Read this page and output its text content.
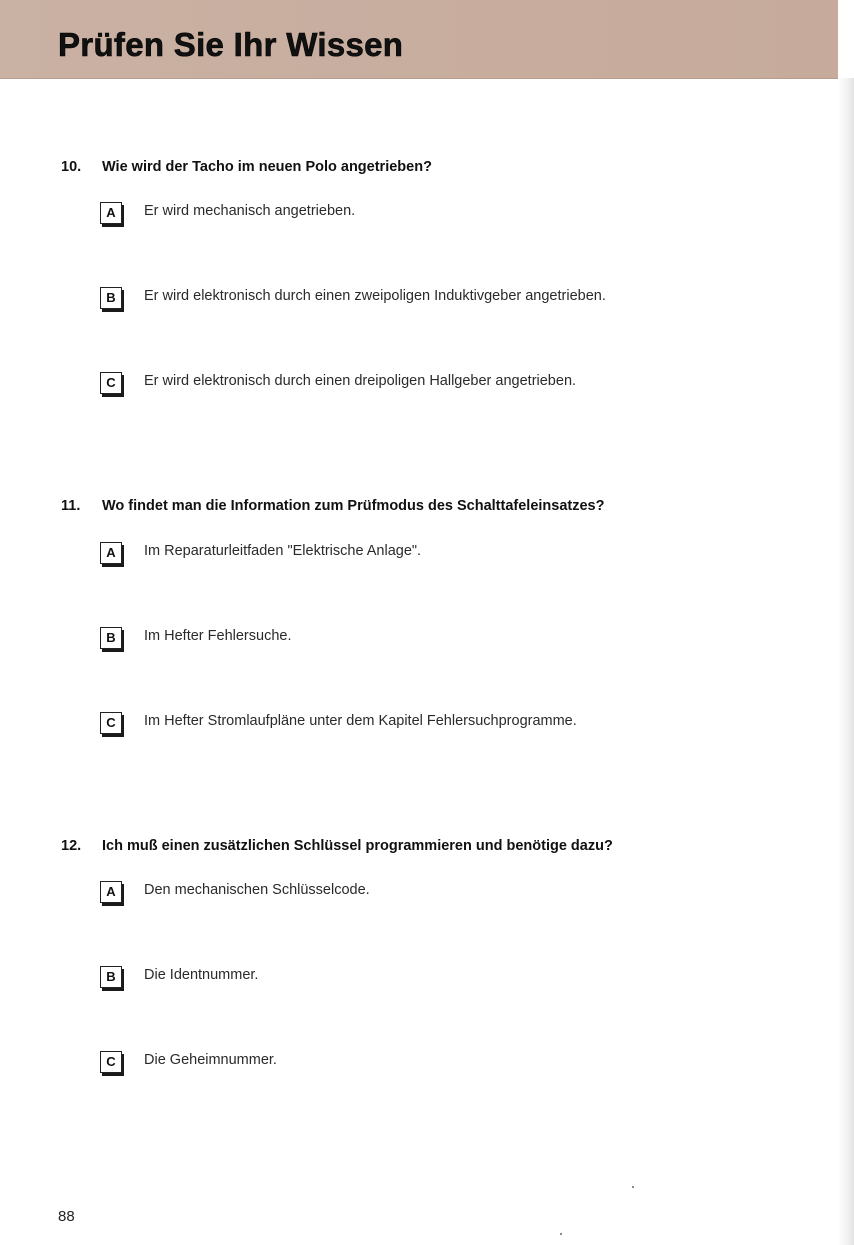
Prüfen Sie Ihr Wissen
10. Wie wird der Tacho im neuen Polo angetrieben?
A	Er wird mechanisch angetrieben.
B	Er wird elektronisch durch einen zweipoligen Induktivgeber angetrieben.
C	Er wird elektronisch durch einen dreipoligen Hallgeber angetrieben.
11. Wo findet man die Information zum Prüfmodus des Schalttafeleinsatzes?
A	Im Reparaturleitfaden "Elektrische Anlage".
B	Im Hefter Fehlersuche.
C	Im Hefter Stromlaufpläne unter dem Kapitel Fehlersuchprogramme.
12. Ich muß einen zusätzlichen Schlüssel programmieren und benötige dazu?
A	Den mechanischen Schlüsselcode.
B	Die Identnummer.
C	Die Geheimnummer.
88
